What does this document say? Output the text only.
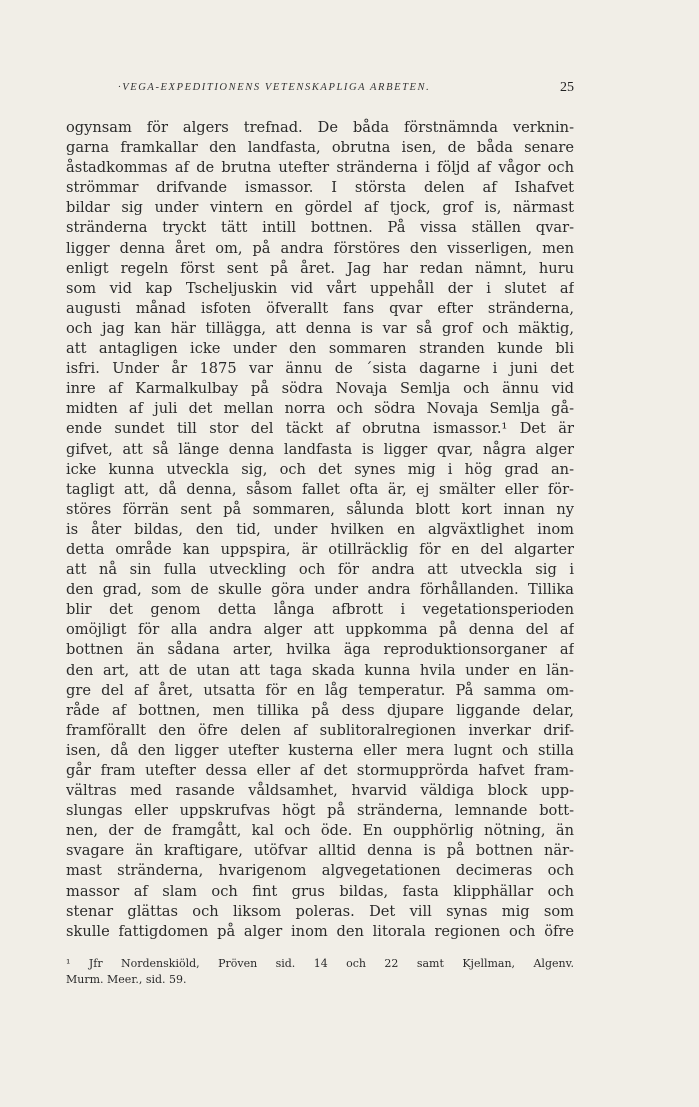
·VEGA-EXPEDITIONENS VETENSKAPLIGA ARBETEN.	25
ogynsam för algers trefnad. De båda förstnämnda verknin-
garna framkallar den landfasta, obrutna isen, de båda senare
åstadkommas af de brutna utefter stränderna i följd af vågor och
strömmar drifvande ismassor. I största delen af Ishafvet
bildar sig under vintern en gördel af tjock, grof is, närmast
stränderna tryckt tätt intill bottnen. På vissa ställen qvar-
ligger denna året om, på andra förstöres den visserligen, men
enligt regeln först sent på året. Jag har redan nämnt, huru
som vid kap Tscheljuskin vid vårt uppehåll der i slutet af
augusti månad isfoten öfverallt fans qvar efter stränderna,
och jag kan här tillägga, att denna is var så grof och mäktig,
att antagligen icke under den sommaren stranden kunde bli
isfri. Under år 1875 var ännu de ´sista dagarne i juni det
inre af Karmalkulbay på södra Novaja Semlja och ännu vid
midten af juli det mellan norra och södra Novaja Semlja gå-
ende sundet till stor del täckt af obrutna ismassor.¹ Det är
gifvet, att så länge denna landfasta is ligger qvar, några alger
icke kunna utveckla sig, och det synes mig i hög grad an-
tagligt att, då denna, såsom fallet ofta är, ej smälter eller för-
störes förrän sent på sommaren, sålunda blott kort innan ny
is åter bildas, den tid, under hvilken en algväxtlighet inom
detta område kan uppspira, är otillräcklig för en del algarter
att nå sin fulla utveckling och för andra att utveckla sig i
den grad, som de skulle göra under andra förhållanden. Tillika
blir det genom detta långa afbrott i vegetationsperioden
omöjligt för alla andra alger att uppkomma på denna del af
bottnen än sådana arter, hvilka äga reproduktionsorganer af
den art, att de utan att taga skada kunna hvila under en län-
gre del af året, utsatta för en låg temperatur. På samma om-
råde af bottnen, men tillika på dess djupare liggande delar,
framförallt den öfre delen af sublitoralregionen inverkar drif-
isen, då den ligger utefter kusterna eller mera lugnt och stilla
går fram utefter dessa eller af det stormupprörda hafvet fram-
vältras med rasande våldsamhet, hvarvid väldiga block upp-
slungas eller uppskrufvas högt på stränderna, lemnande bott-
nen, der de framgått, kal och öde. En oupphörlig nötning, än
svagare än kraftigare, utöfvar alltid denna is på bottnen när-
mast stränderna, hvarigenom algvegetationen decimeras och
massor af slam och fint grus bildas, fasta klipphällar och
stenar glättas och liksom poleras. Det vill synas mig som
skulle fattigdomen på alger inom den litorala regionen och öfre
¹ Jfr Nordenskiöld, Pröven sid. 14 och 22 samt Kjellman, Algenv.
Murm. Meer., sid. 59.
